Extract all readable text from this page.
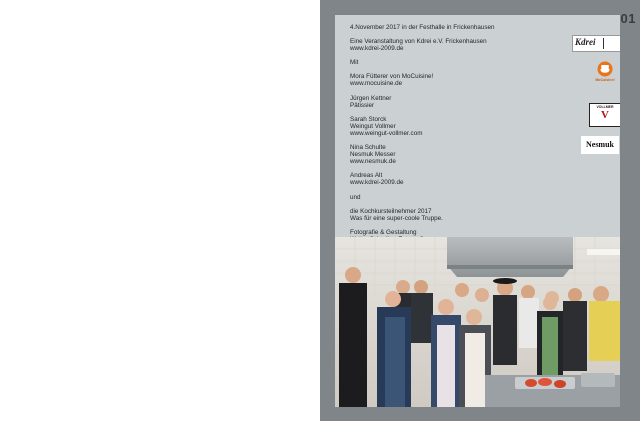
01
4.November 2017 in der Festhalle in Frickenhausen
Eine Veranstaltung von Kdrei e.V. Frickenhausen
www.kdrei-2009.de
Mit
Mora Fütterer von MoCuisine!
www.mocuisine.de
Jürgen Kettner
Pâtissier
Sarah Storck
Weingut Vollmer
www.weingut-vollmer.com
Nina Schulte
Nesmuk Messer
www.nesmuk.de
Andreas Alt
www.kdrei-2009.de
und
die Kochkursteilnehmer 2017
Was für eine super-coole Truppe.
Fotografie & Gestaltung
Kdrei
MoCuisine!
VOLLMER
V
Nesmuk
